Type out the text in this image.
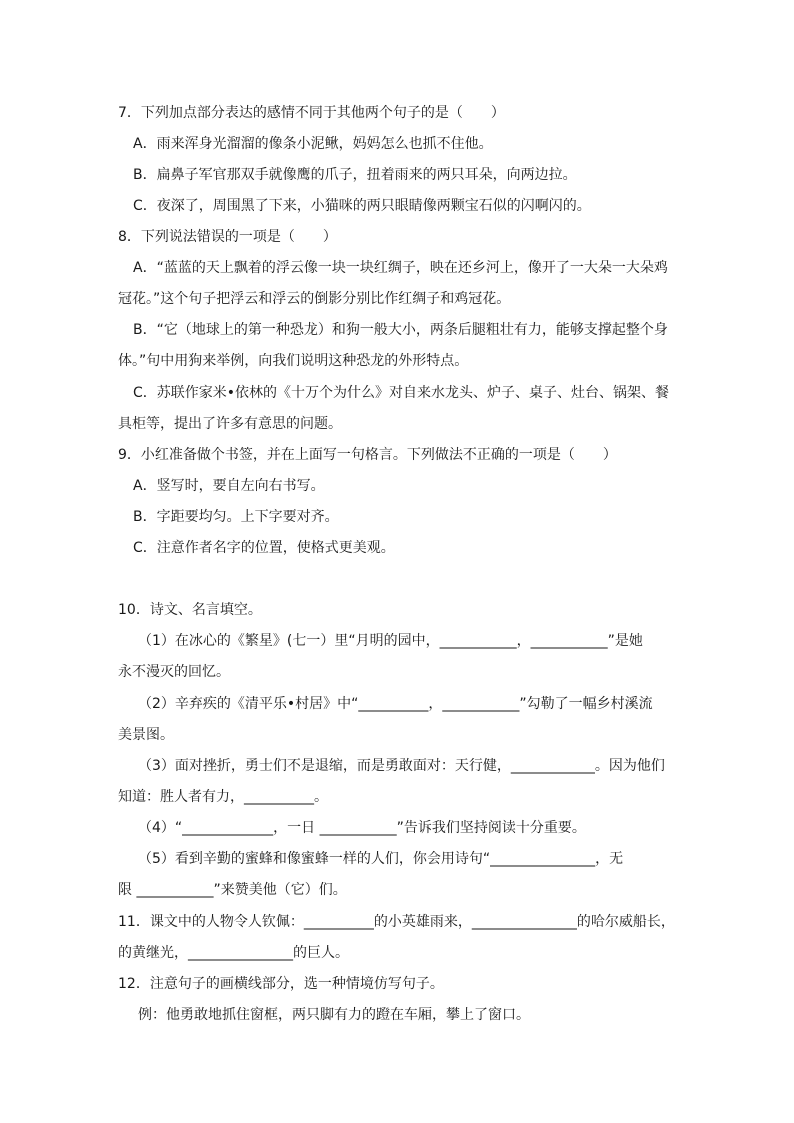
7．下列加点部分表达的感情不同于其他两个句子的是（　　）
A．雨来浑身光溜溜的像条小泥鳅，妈妈怎么也抓不住他。
B．扁鼻子军官那双手就像鹰的爪子，扭着雨来的两只耳朵，向两边拉。
C．夜深了，周围黑了下来，小猫咪的两只眼睛像两颗宝石似的闪啊闪的。
8．下列说法错误的一项是（　　）
A．“蓝蓝的天上飘着的浮云像一块一块红绸子，映在还乡河上，像开了一大朵一大朵鸡
冠花。”这个句子把浮云和浮云的倒影分别比作红绸子和鸡冠花。
B．“它（地球上的第一种恐龙）和狗一般大小，两条后腿粗壮有力，能够支撑起整个身
体。”句中用狗来举例，向我们说明这种恐龙的外形特点。
C．苏联作家米•依林的《十万个为什么》对自来水龙头、炉子、桌子、灶台、锅架、餐
具柜等，提出了许多有意思的问题。
9．小红准备做个书签，并在上面写一句格言。下列做法不正确的一项是（　　）
A．竖写时，要自左向右书写。
B．字距要均匀。上下字要对齐。
C．注意作者名字的位置，使格式更美观。
10．诗文、名言填空。
（1）在冰心的《繁星》(七一）里“月明的园中，___________，___________”是她
永不漫灭的回忆。
（2）辛弃疾的《清平乐•村居》中“__________，___________”勾勒了一幅乡村溪流
美景图。
（3）面对挫折，勇士们不是退缩，而是勇敢面对：天行健，____________。因为他们
知道：胜人者有力，__________。
（4）“_____________，一日 ___________”告诉我们坚持阅读十分重要。
（5）看到辛勤的蜜蜂和像蜜蜂一样的人们，你会用诗句“_______________，无
限 ___________”来赞美他（它）们。
11．课文中的人物令人钦佩：__________的小英雄雨来，_______________的哈尔威船长，
的黄继光，_______________的巨人。
12．注意句子的画横线部分，选一种情境仿写句子。
例：他勇敢地抓住窗框，两只脚有力的蹬在车厢，攀上了窗口。
